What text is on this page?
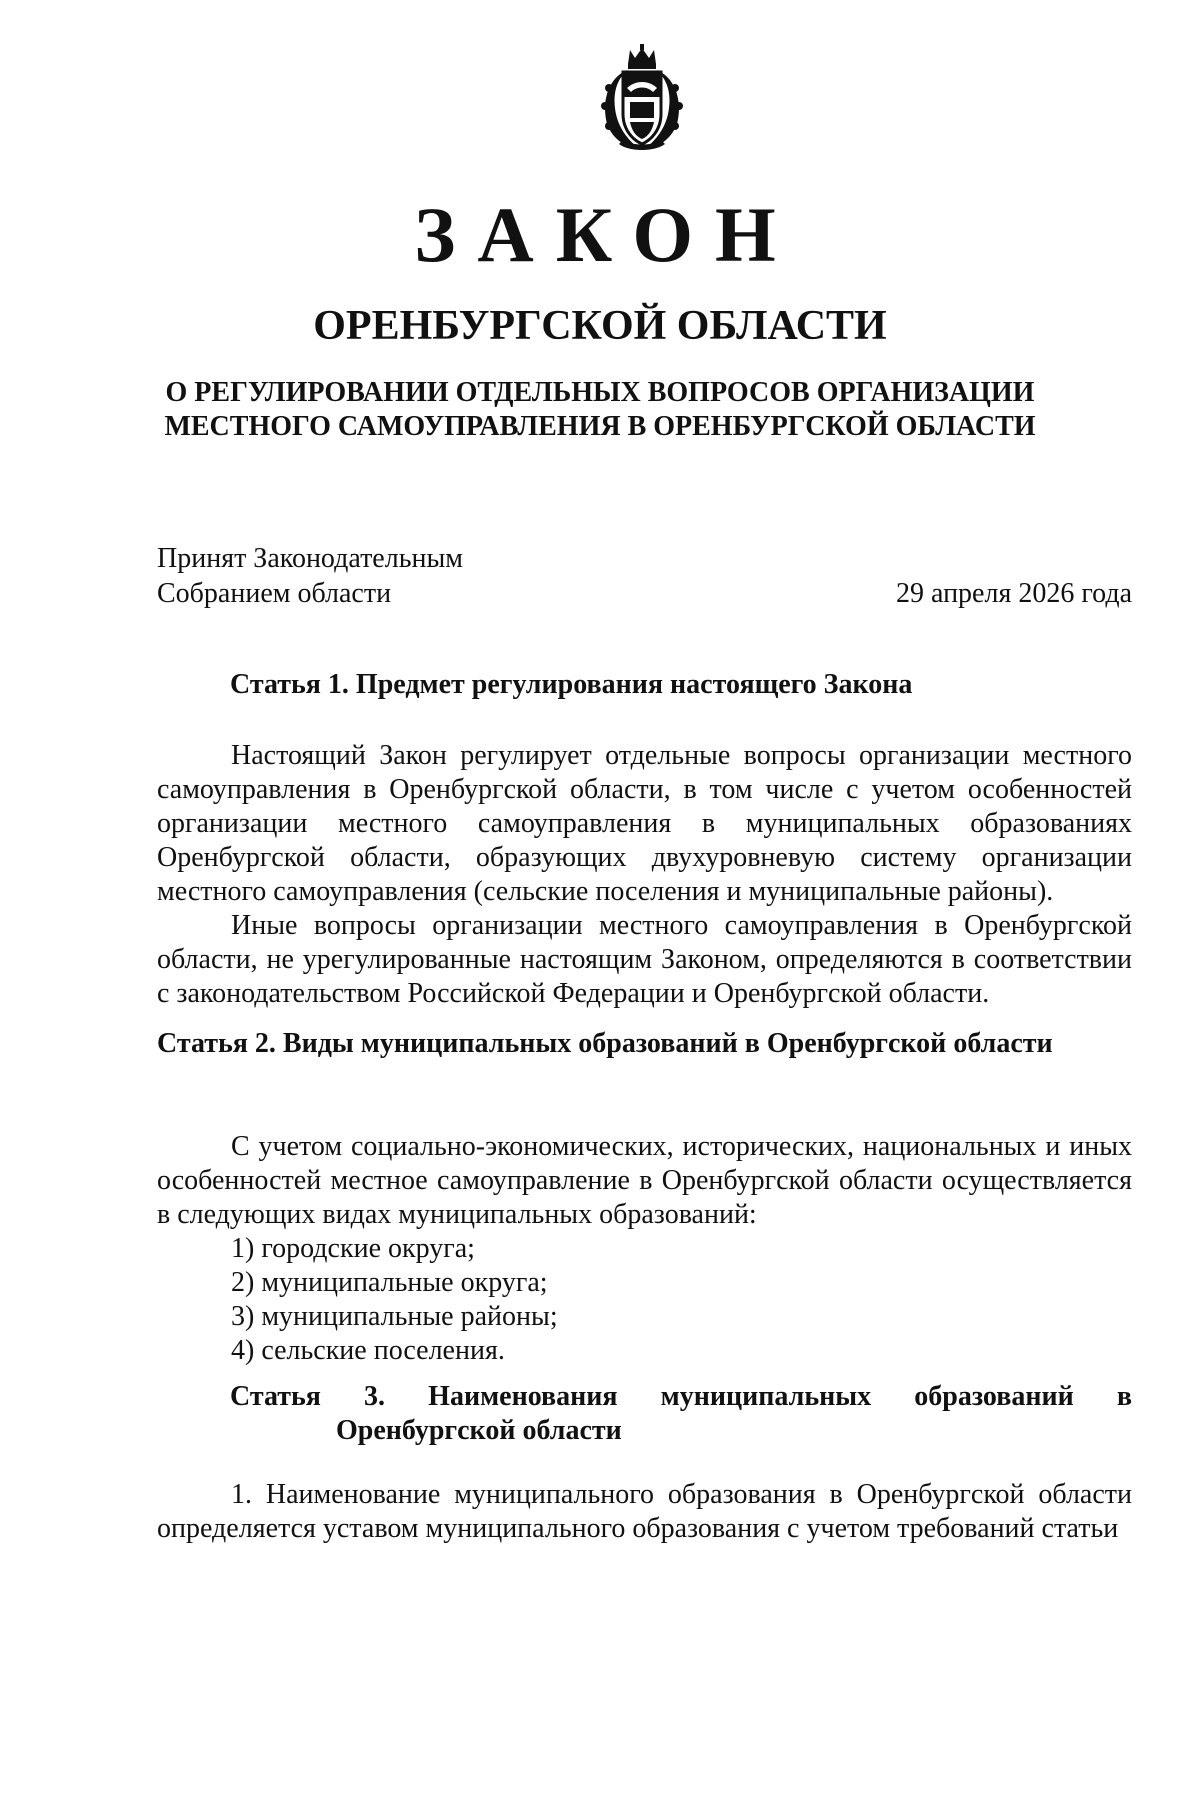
ЗАКОН
ОРЕНБУРГСКОЙ ОБЛАСТИ
О РЕГУЛИРОВАНИИ ОТДЕЛЬНЫХ ВОПРОСОВ ОРГАНИЗАЦИИ
МЕСТНОГО САМОУПРАВЛЕНИЯ В ОРЕНБУРГСКОЙ ОБЛАСТИ
Принят Законодательным
Собранием области	29 апреля 2026 года
Статья 1. Предмет регулирования настоящего Закона
Настоящий Закон регулирует отдельные вопросы организации местного самоуправления в Оренбургской области, в том числе с учетом особенностей организации местного самоуправления в муниципальных образованиях Оренбургской области, образующих двухуровневую систему организации местного самоуправления (сельские поселения и муниципальные районы).
Иные вопросы организации местного самоуправления в Оренбургской области, не урегулированные настоящим Законом, определяются в соответствии с законодательством Российской Федерации и Оренбургской области.
Статья 2. Виды муниципальных образований в Оренбургской области
С учетом социально-экономических, исторических, национальных и иных особенностей местное самоуправление в Оренбургской области осуществляется в следующих видах муниципальных образований:
1) городские округа;
2) муниципальные округа;
3) муниципальные районы;
4) сельские поселения.
Статья 3. Наименования муниципальных образований в Оренбургской области
1. Наименование муниципального образования в Оренбургской области определяется уставом муниципального образования с учетом требований статьи
